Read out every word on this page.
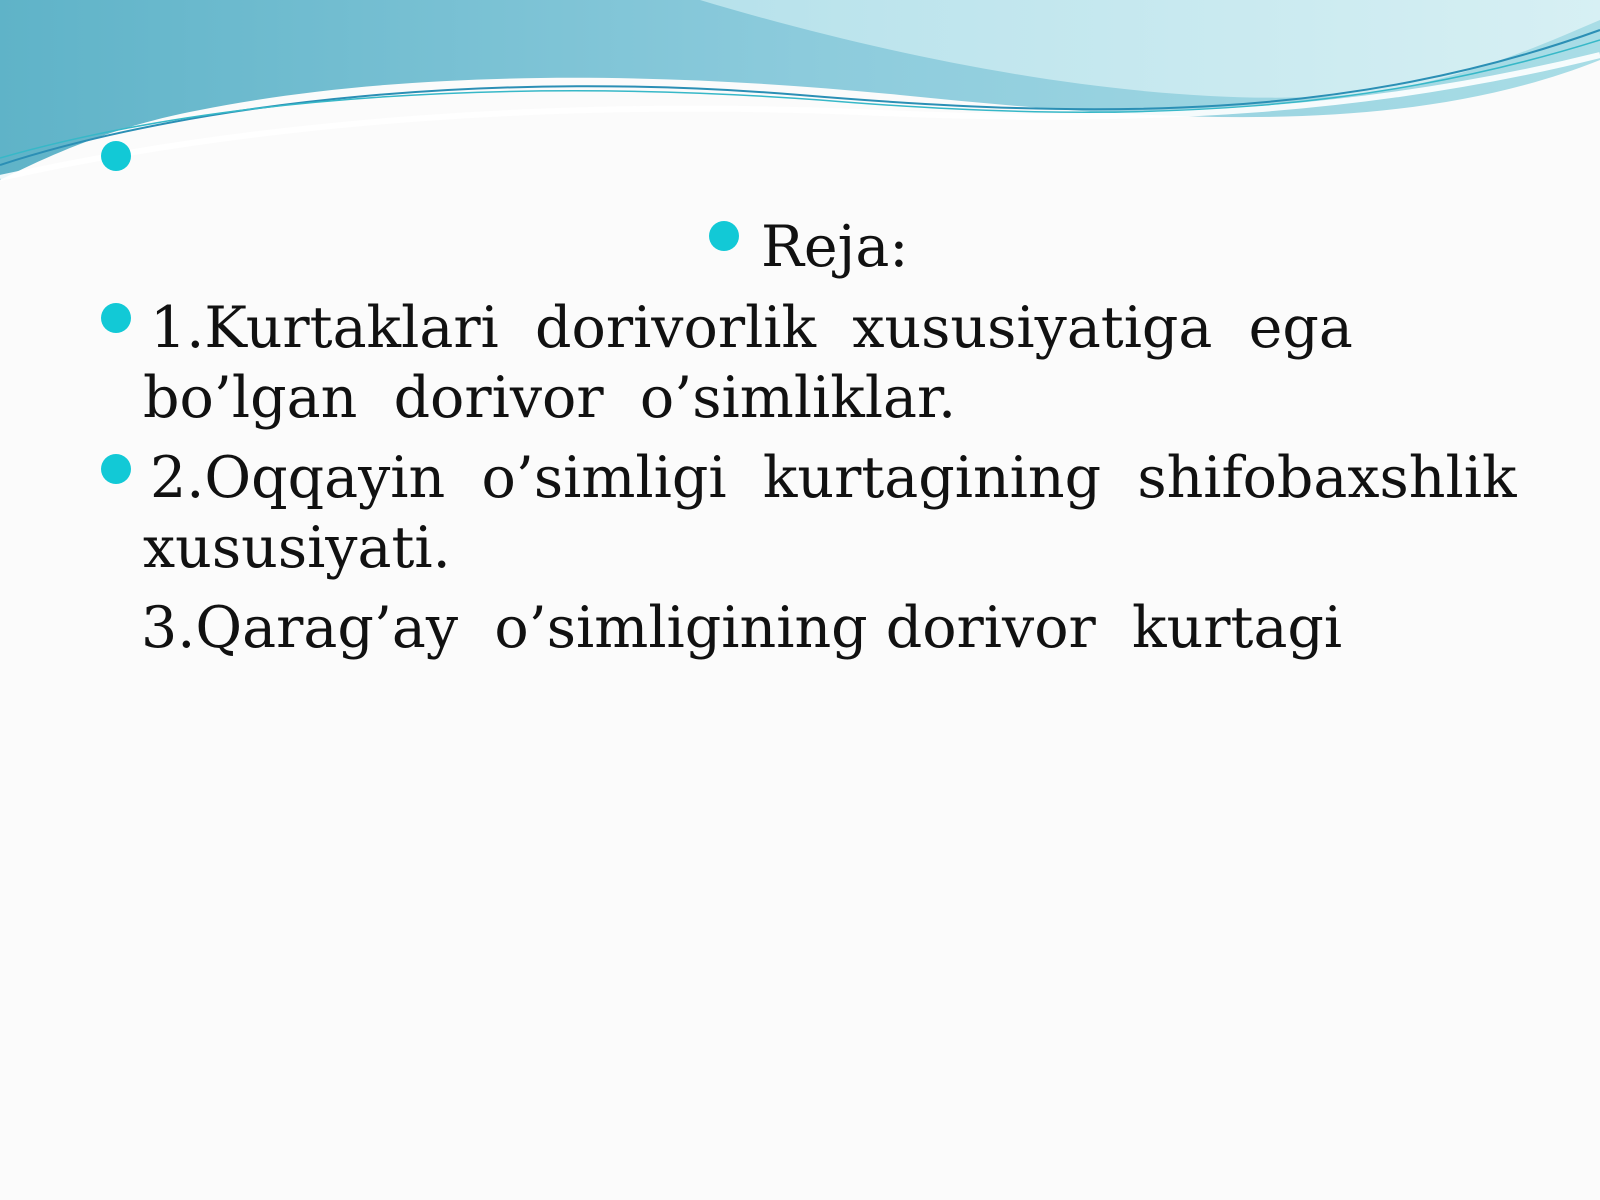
Reja:
1.Kurtaklari  dorivorlik  xususiyatiga  ega
bo’lgan  dorivor  o’simliklar.
2.Oqqayin  o’simligi  kurtagining  shifobaxshlik
xususiyati.
3.Qarag’ay  o’simligining dorivor  kurtagi
